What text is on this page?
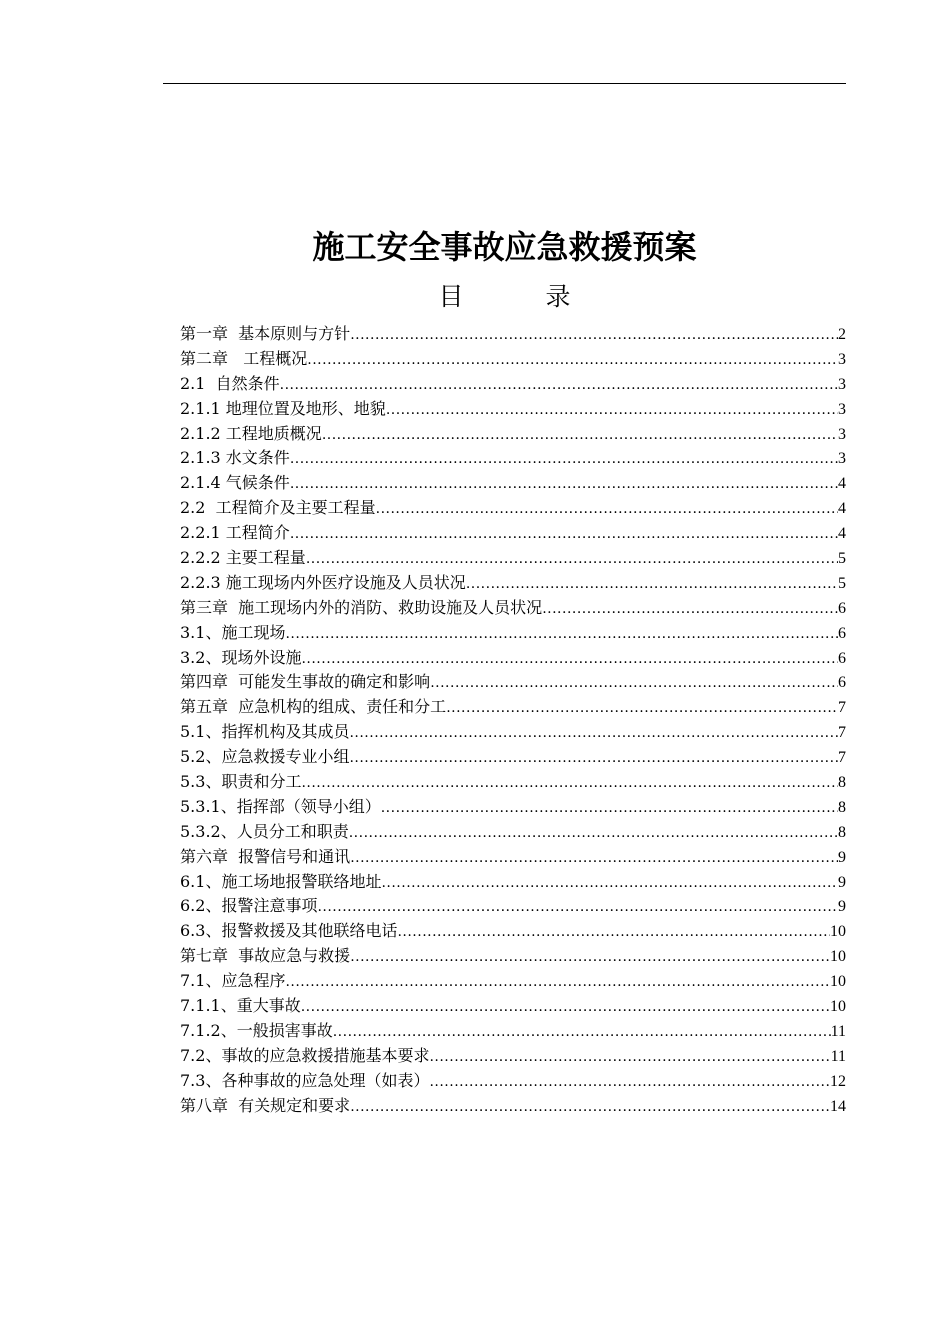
施工安全事故应急救援预案
目	录
第一章  基本原则与方针 .....	2
第二章   工程概况 .....	3
2.1  自然条件 .....	3
2.1.1 地理位置及地形、地貌 .....	3
2.1.2 工程地质概况 .....	3
2.1.3 水文条件 .....	3
2.1.4 气候条件 .....	4
2.2  工程简介及主要工程量 .....	4
2.2.1 工程简介 .....	4
2.2.2 主要工程量 .....	5
2.2.3 施工现场内外医疗设施及人员状况 .....	5
第三章  施工现场内外的消防、救助设施及人员状况 .....	6
3.1、施工现场 .....	6
3.2、现场外设施 .....	6
第四章  可能发生事故的确定和影响 .....	6
第五章  应急机构的组成、责任和分工 .....	7
5.1、指挥机构及其成员 .....	7
5.2、应急救援专业小组 .....	7
5.3、职责和分工 .....	8
5.3.1、指挥部（领导小组） .....	8
5.3.2、人员分工和职责 .....	8
第六章  报警信号和通讯 .....	9
6.1、施工场地报警联络地址 .....	9
6.2、报警注意事项 .....	9
6.3、报警救援及其他联络电话 .....	10
第七章  事故应急与救援 .....	10
7.1、应急程序 .....	10
7.1.1、重大事故 .....	10
7.1.2、一般损害事故 .....	11
7.2、事故的应急救援措施基本要求 .....	11
7.3、各种事故的应急处理（如表） .....	12
第八章  有关规定和要求 .....	14
